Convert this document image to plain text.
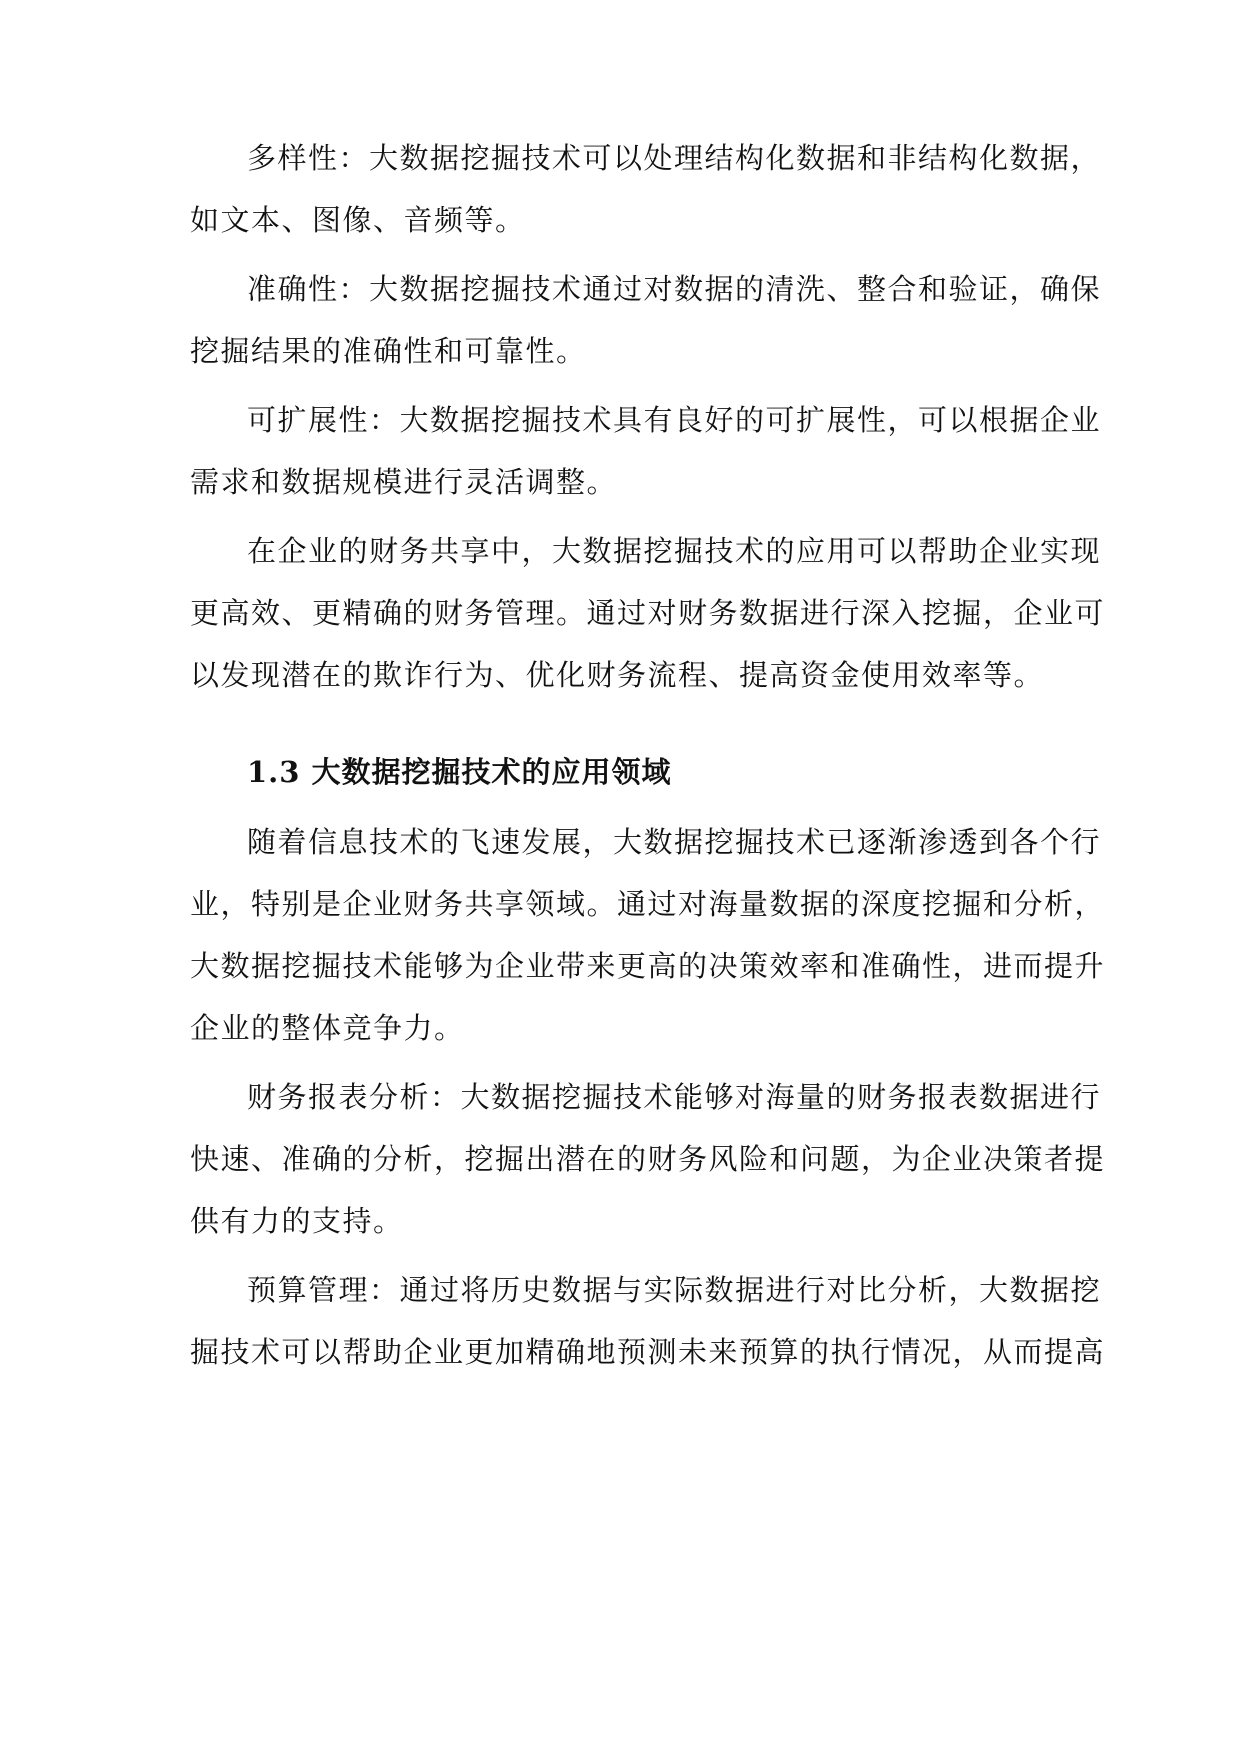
多样性：大数据挖掘技术可以处理结构化数据和非结构化数据，
如文本、图像、音频等。
准确性：大数据挖掘技术通过对数据的清洗、整合和验证，确保
挖掘结果的准确性和可靠性。
可扩展性：大数据挖掘技术具有良好的可扩展性，可以根据企业
需求和数据规模进行灵活调整。
在企业的财务共享中，大数据挖掘技术的应用可以帮助企业实现
更高效、更精确的财务管理。通过对财务数据进行深入挖掘，企业可
以发现潜在的欺诈行为、优化财务流程、提高资金使用效率等。
1.3 大数据挖掘技术的应用领域
随着信息技术的飞速发展，大数据挖掘技术已逐渐渗透到各个行
业，特别是企业财务共享领域。通过对海量数据的深度挖掘和分析，
大数据挖掘技术能够为企业带来更高的决策效率和准确性，进而提升
企业的整体竞争力。
财务报表分析：大数据挖掘技术能够对海量的财务报表数据进行
快速、准确的分析，挖掘出潜在的财务风险和问题，为企业决策者提
供有力的支持。
预算管理：通过将历史数据与实际数据进行对比分析，大数据挖
掘技术可以帮助企业更加精确地预测未来预算的执行情况，从而提高
